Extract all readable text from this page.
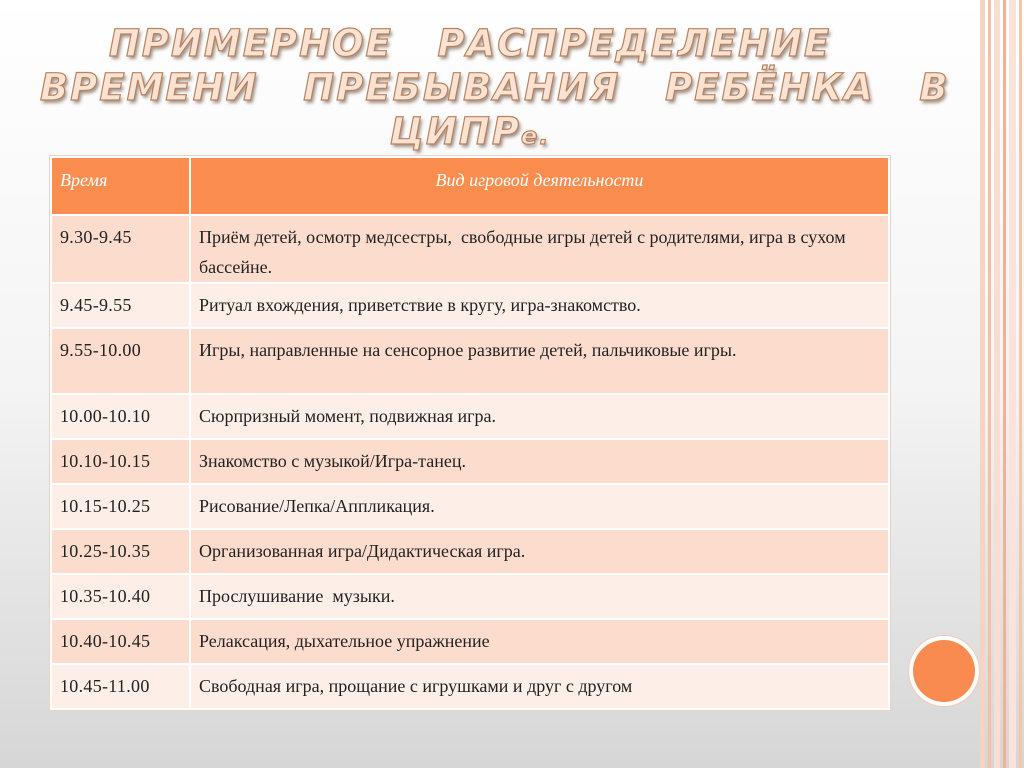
ПРИМЕРНОЕ   РАСПРЕДЕЛЕНИЕ
ВРЕМЕНИ   ПРЕБЫВАНИЯ   РЕБЁНКА   В
ЦИПРе.
Время	Вид игровой деятельности
9.30-9.45	Приём детей, осмотр медсестры,  свободные игры детей с родителями, игра в сухом         бассейне.
9.45-9.55	Ритуал вхождения, приветствие в кругу, игра-знакомство.
9.55-10.00	Игры, направленные на сенсорное развитие детей, пальчиковые игры.
10.00-10.10	Сюрпризный момент, подвижная игра.
10.10-10.15	Знакомство с музыкой/Игра-танец.
10.15-10.25	Рисование/Лепка/Аппликация.
10.25-10.35	Организованная игра/Дидактическая игра.
10.35-10.40	Прослушивание  музыки.
10.40-10.45	Релаксация, дыхательное упражнение
10.45-11.00	Свободная игра, прощание с игрушками и друг с другом
